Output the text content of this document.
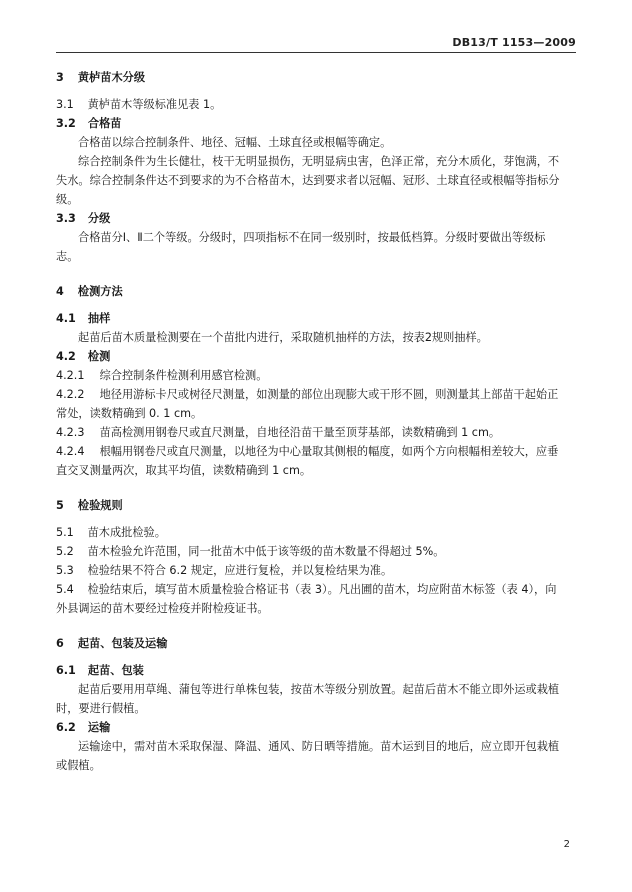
DB13/T 1153—2009
3 黄栌苗木分级
3.1 黄栌苗木等级标准见表 1。
3.2 合格苗
合格苗以综合控制条件、地径、冠幅、土球直径或根幅等确定。
综合控制条件为生长健壮，枝干无明显损伤，无明显病虫害，色泽正常，充分木质化，芽饱满，不
失水。综合控制条件达不到要求的为不合格苗木，达到要求者以冠幅、冠形、土球直径或根幅等指标分
级。
3.3 分级
合格苗分Ⅰ、Ⅱ二个等级。分级时，四项指标不在同一级别时，按最低档算。分级时要做出等级标
志。
4 检测方法
4.1 抽样
起苗后苗木质量检测要在一个苗批内进行，采取随机抽样的方法，按表2规则抽样。
4.2 检测
4.2.1 综合控制条件检测利用感官检测。
4.2.2 地径用游标卡尺或树径尺测量，如测量的部位出现膨大或干形不圆，则测量其上部苗干起始正
常处，读数精确到 0. 1 cm。
4.2.3 苗高检测用钢卷尺或直尺测量，自地径沿苗干量至顶芽基部，读数精确到 1 cm。
4.2.4 根幅用钢卷尺或直尺测量，以地径为中心量取其侧根的幅度，如两个方向根幅相差较大，应垂
直交叉测量两次，取其平均值，读数精确到 1 cm。
5 检验规则
5.1 苗木成批检验。
5.2 苗木检验允许范围，同一批苗木中低于该等级的苗木数量不得超过 5%。
5.3 检验结果不符合 6.2 规定，应进行复检，并以复检结果为准。
5.4 检验结束后，填写苗木质量检验合格证书（表 3）。凡出圃的苗木，均应附苗木标签（表 4），向
外县调运的苗木要经过检疫并附检疫证书。
6 起苗、包装及运输
6.1 起苗、包装
起苗后要用用草绳、蒲包等进行单株包装，按苗木等级分别放置。起苗后苗木不能立即外运或栽植
时，要进行假植。
6.2 运输
运输途中，需对苗木采取保湿、降温、通风、防日晒等措施。苗木运到目的地后，应立即开包栽植
或假植。
2
